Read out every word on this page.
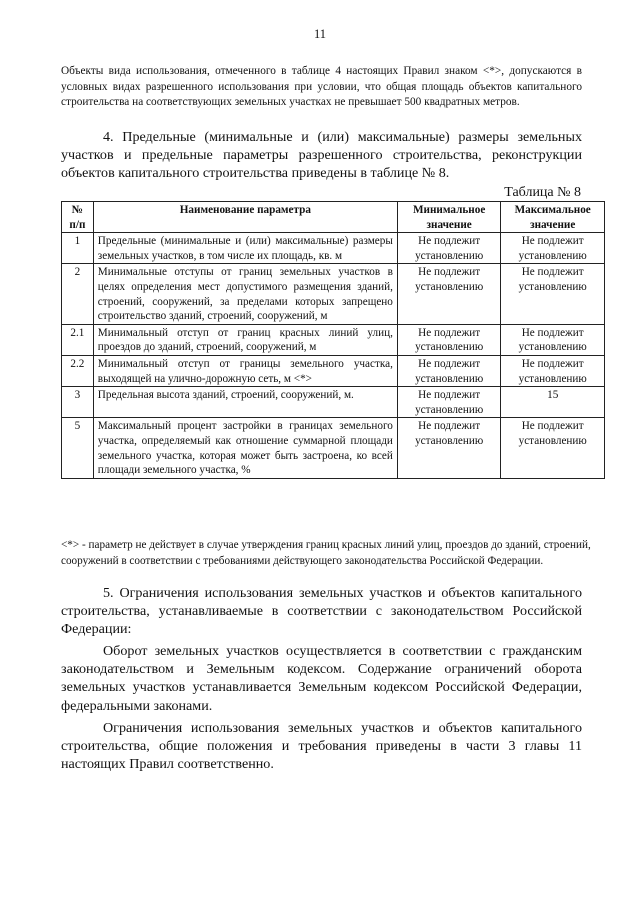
11

Объекты вида использования, отмеченного в таблице 4 настоящих Правил знаком <*>, допускаются в условных видах разрешенного использования при условии, что общая площадь объектов капитального строительства на соответствующих земельных участках не превышает 500 квадратных метров.

4. Предельные (минимальные и (или) максимальные) размеры земельных участков и предельные параметры разрешенного строительства, реконструкции объектов капитального строительства приведены в таблице № 8.

Таблица № 8
№ п/п	Наименование параметра	Минимальное значение	Максимальное значение
1	Предельные (минимальные и (или) максимальные) размеры земельных участков, в том числе их площадь, кв. м	Не подлежит установлению	Не подлежит установлению
2	Минимальные отступы от границ земельных участков в целях определения мест допустимого размещения зданий, строений, сооружений, за пределами которых запрещено строительство зданий, строений, сооружений, м	Не подлежит установлению	Не подлежит установлению
2.1	Минимальный отступ от границ красных линий улиц, проездов до зданий, строений, сооружений, м	Не подлежит установлению	Не подлежит установлению
2.2	Минимальный отступ от границы земельного участка, выходящей на улично-дорожную сеть, м <*>	Не подлежит установлению	Не подлежит установлению
3	Предельная высота зданий, строений, сооружений, м.	Не подлежит установлению	15
5	Максимальный процент застройки в границах земельного участка, определяемый как отношение суммарной площади земельного участка, которая может быть застроена, ко всей площади земельного участка, %	Не подлежит установлению	Не подлежит установлению

<*> - параметр не действует в случае утверждения границ красных линий улиц, проездов до зданий, строений, сооружений в соответствии с требованиями действующего законодательства Российской Федерации.

5. Ограничения использования земельных участков и объектов капитального строительства, устанавливаемые в соответствии с законодательством Российской Федерации:

Оборот земельных участков осуществляется в соответствии с гражданским законодательством и Земельным кодексом. Содержание ограничений оборота земельных участков устанавливается Земельным кодексом Российской Федерации, федеральными законами.

Ограничения использования земельных участков и объектов капитального строительства, общие положения и требования приведены в части 3 главы 11 настоящих Правил соответственно.
